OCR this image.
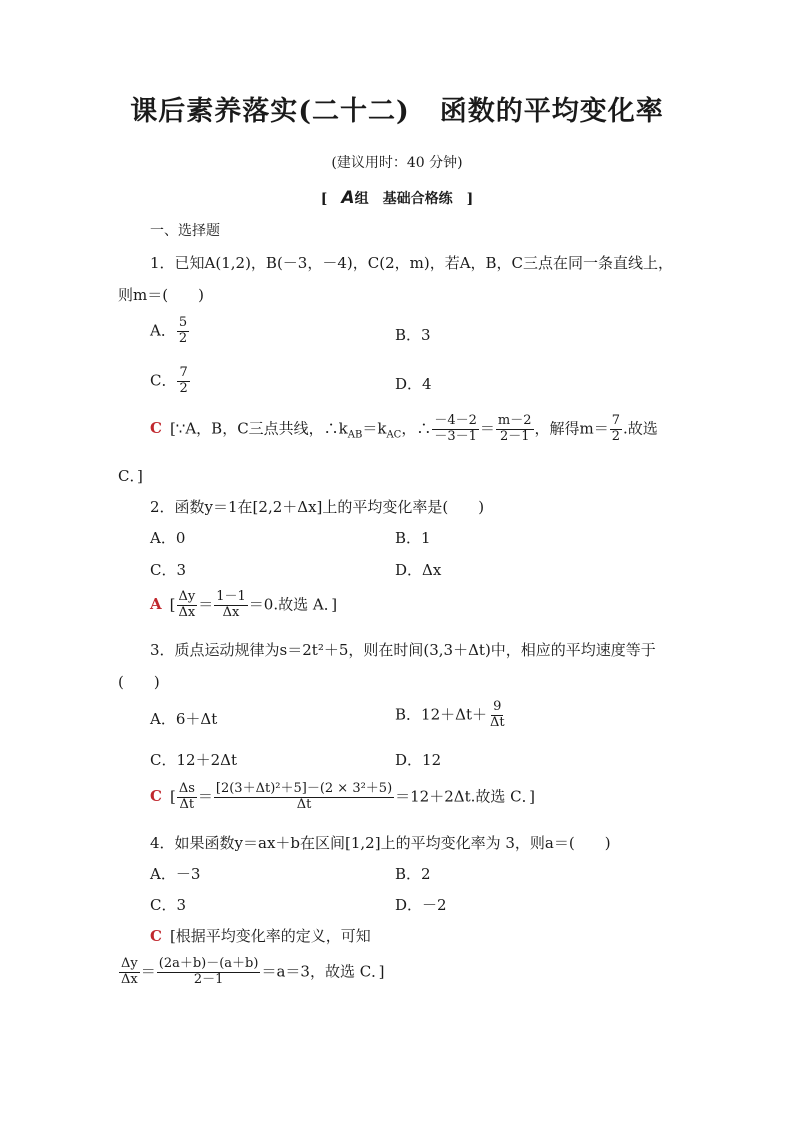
课后素养落实(二十二) 函数的平均变化率
(建议用时：40 分钟)
[　A组　基础合格练　]
一、选择题
1．已知A(1,2)，B(－3，－4)，C(2，m)，若A，B，C三点在同一条直线上，
则m＝(　　)
A． $\frac{5}{2}$	B．3
C． $\frac{7}{2}$	D．4
C [∵A，B，C三点共线，$\therefore k_{AB}=k_{AC}$，∴ $\frac{-4-2}{-3-1} = \frac{m-2}{2-1}$ ，解得$m= \frac{7}{2}$ .故选
C．]
2．函数y＝1在[2,2＋Δx]上的平均变化率是(　　)
A．0	B．1
C．3	D．Δx
A [ $\frac{\Delta y}{\Delta x} = \frac{1-1}{\Delta x} =0$.故选 A．]
3．质点运动规律为s＝2t²＋5，则在时间(3,3＋Δt)中，相应的平均速度等于
(　　)
A．6＋Δt	B．$12+\Delta t+ \frac{9}{\Delta t}$
C．12＋2Δt	D．12
C [ $\frac{\Delta s}{\Delta t} = \frac{\text{[2(3＋Δt)²＋5]－(2 × 3²＋5)}}{\Delta t} =12+2\Delta t$.故选 C．]
4．如果函数y＝ax＋b在区间[1,2]上的平均变化率为 3，则a＝(　　)
A．－3	B．2
C．3	D．－2
C [根据平均变化率的定义，可知
$\frac{\Delta y}{\Delta x} = \frac{(2a+b)-(a+b)}{2-1} =a=3$，故选 C．]
